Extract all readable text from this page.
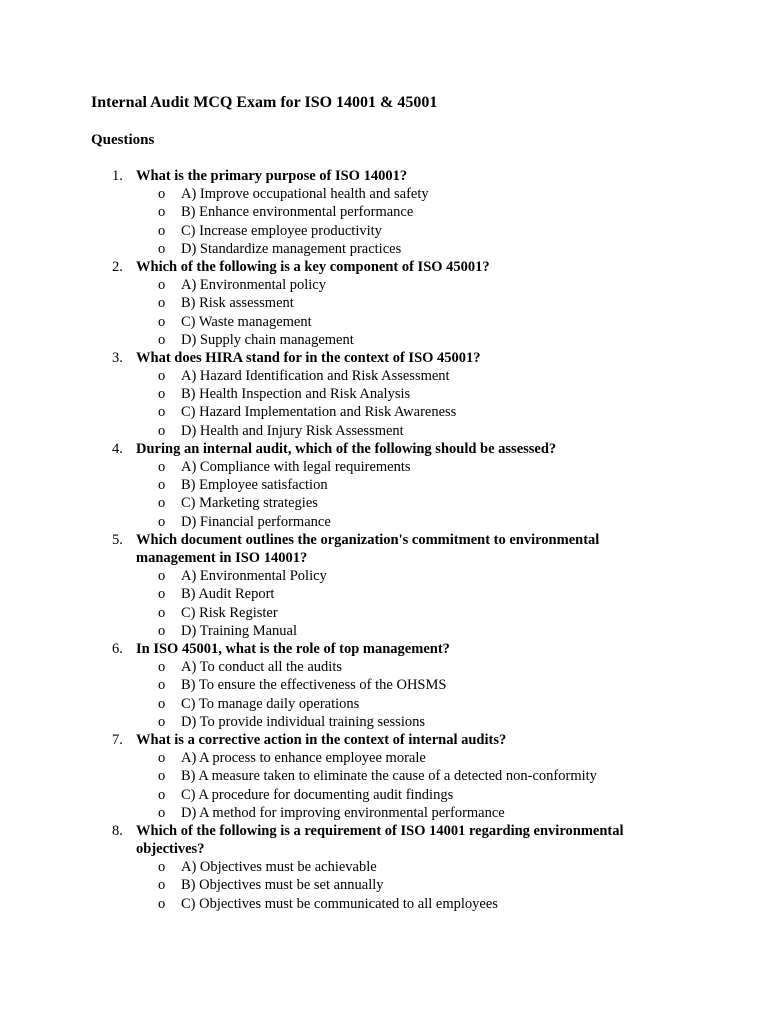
Internal Audit MCQ Exam for ISO 14001 & 45001
Questions
1. What is the primary purpose of ISO 14001?
o A) Improve occupational health and safety
o B) Enhance environmental performance
o C) Increase employee productivity
o D) Standardize management practices
2. Which of the following is a key component of ISO 45001?
o A) Environmental policy
o B) Risk assessment
o C) Waste management
o D) Supply chain management
3. What does HIRA stand for in the context of ISO 45001?
o A) Hazard Identification and Risk Assessment
o B) Health Inspection and Risk Analysis
o C) Hazard Implementation and Risk Awareness
o D) Health and Injury Risk Assessment
4. During an internal audit, which of the following should be assessed?
o A) Compliance with legal requirements
o B) Employee satisfaction
o C) Marketing strategies
o D) Financial performance
5. Which document outlines the organization's commitment to environmental management in ISO 14001?
o A) Environmental Policy
o B) Audit Report
o C) Risk Register
o D) Training Manual
6. In ISO 45001, what is the role of top management?
o A) To conduct all the audits
o B) To ensure the effectiveness of the OHSMS
o C) To manage daily operations
o D) To provide individual training sessions
7. What is a corrective action in the context of internal audits?
o A) A process to enhance employee morale
o B) A measure taken to eliminate the cause of a detected non-conformity
o C) A procedure for documenting audit findings
o D) A method for improving environmental performance
8. Which of the following is a requirement of ISO 14001 regarding environmental objectives?
o A) Objectives must be achievable
o B) Objectives must be set annually
o C) Objectives must be communicated to all employees
